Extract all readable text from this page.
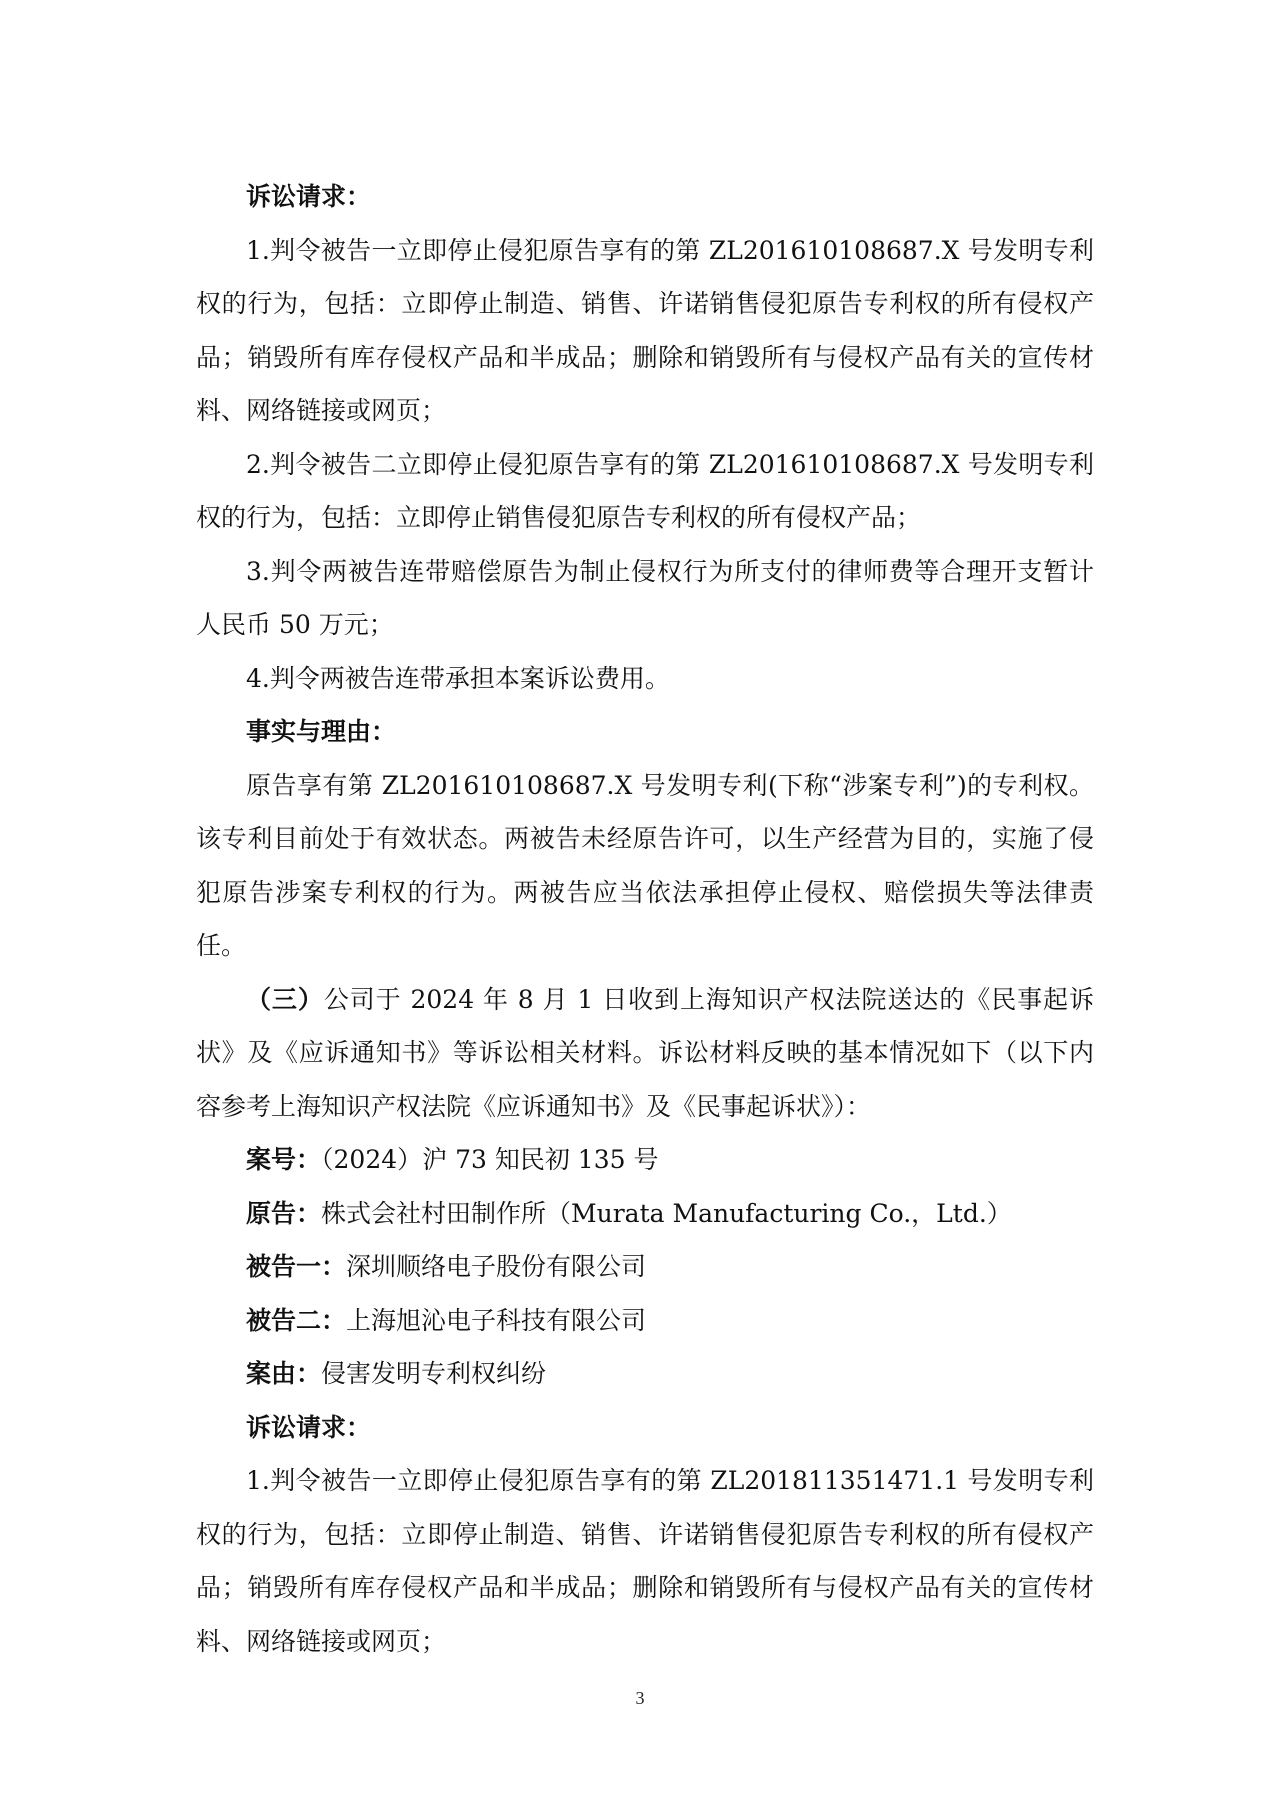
诉讼请求：

1.判令被告一立即停止侵犯原告享有的第 ZL201610108687.X 号发明专利权的行为，包括：立即停止制造、销售、许诺销售侵犯原告专利权的所有侵权产品；销毁所有库存侵权产品和半成品；删除和销毁所有与侵权产品有关的宣传材料、网络链接或网页；

2.判令被告二立即停止侵犯原告享有的第 ZL201610108687.X 号发明专利权的行为，包括：立即停止销售侵犯原告专利权的所有侵权产品；

3.判令两被告连带赔偿原告为制止侵权行为所支付的律师费等合理开支暂计人民币 50 万元；

4.判令两被告连带承担本案诉讼费用。

事实与理由：

原告享有第 ZL201610108687.X 号发明专利(下称“涉案专利”)的专利权。该专利目前处于有效状态。两被告未经原告许可，以生产经营为目的，实施了侵犯原告涉案专利权的行为。两被告应当依法承担停止侵权、赔偿损失等法律责任。

（三）公司于 2024 年 8 月 1 日收到上海知识产权法院送达的《民事起诉状》及《应诉通知书》等诉讼相关材料。诉讼材料反映的基本情况如下（以下内容参考上海知识产权法院《应诉通知书》及《民事起诉状》）：

案号：（2024）沪 73 知民初 135 号

原告：株式会社村田制作所（Murata Manufacturing Co.，Ltd.）

被告一：深圳顺络电子股份有限公司

被告二：上海旭沁电子科技有限公司

案由：侵害发明专利权纠纷

诉讼请求：

1.判令被告一立即停止侵犯原告享有的第 ZL201811351471.1 号发明专利权的行为，包括：立即停止制造、销售、许诺销售侵犯原告专利权的所有侵权产品；销毁所有库存侵权产品和半成品；删除和销毁所有与侵权产品有关的宣传材料、网络链接或网页；

3
